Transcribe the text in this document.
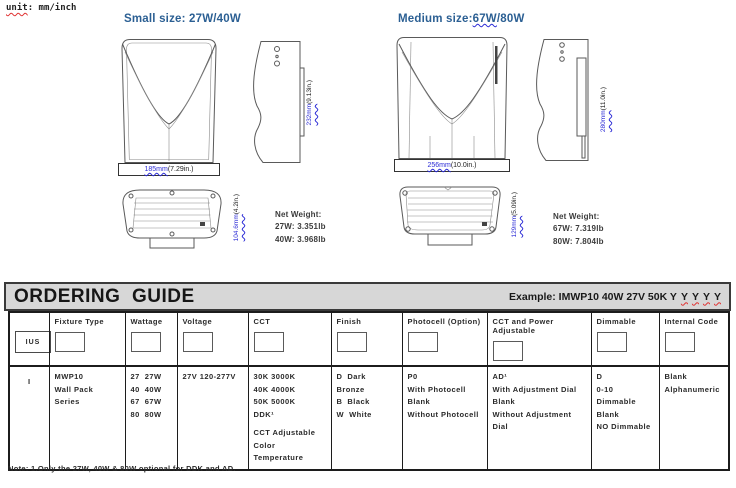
unit: mm/inch
Small size: 27W/40W	Medium size:67W/80W
185mm (7.29in.)
232mm(9.13in.)
104.6mm(4.2in.)	Net Weight:
27W: 3.351lb
40W: 3.968lb
256mm (10.0in.)
280mm(11.0in.)
129mm(5.09in.)
Net Weight:
67W: 7.319lb
80W: 7.804lb
ORDERING  GUIDE	Example: IMWP10 40W 27V 50K Y Y Y Y Y
IUS	Fixture Type	Wattage	Voltage	CCT	Finish	Photocell (Option)	CCT and Power Adjustable	Dimmable	Internal Code

I	
MWP10
Wall Pack Series

27  27W
40  40W
67  67W
80  80W

27V 120-277V	30K 3000K
40K 4000K
50K 5000K
DDK¹
CCT Adjustable Color Temperature

D  Dark Bronze
B  Black
W  White

P0
With Photocell
Blank
Without Photocell

AD¹
With Adjustment Dial
Blank
Without Adjustment Dial

D
0-10 Dimmable
Blank
NO Dimmable

Blank
Alphanumeric
Note: 1.Only the 27W, 40W & 80W optional for DDK and AD.
